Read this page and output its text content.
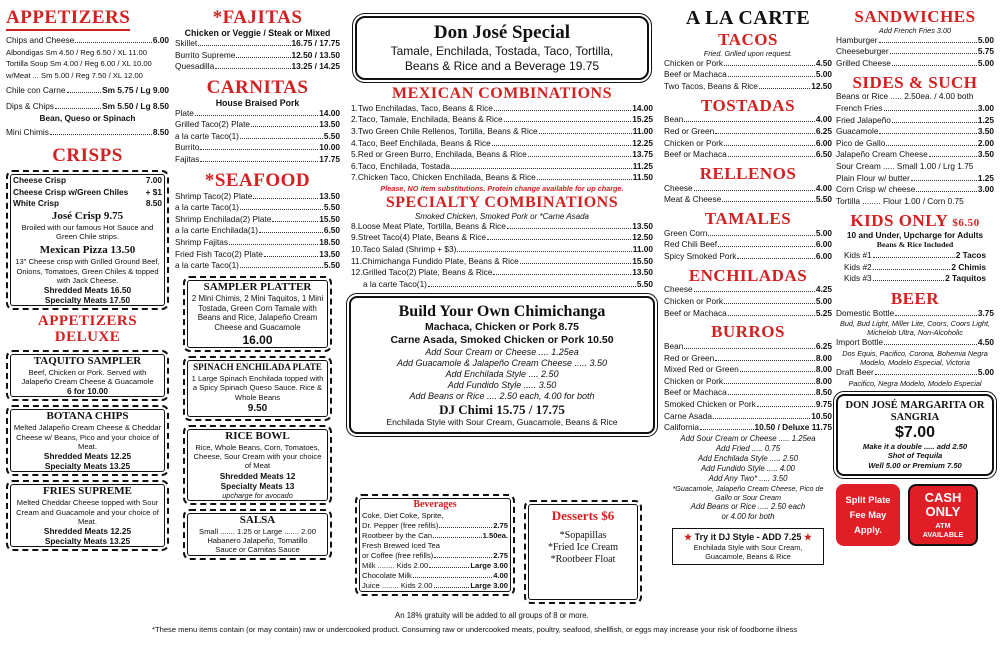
APPETIZERS
Chips and Cheese	6.00
Albondigas Sm 4.50 / Reg 6.50 / XL 11.00
Tortilla Soup Sm 4.00 / Reg 6.00 / XL 10.00
w/Meat ... Sm 5.00 / Reg 7.50 / XL 12.00
Chile con Carne	Sm 5.75 / Lg 9.00
Dips & Chips	Sm 5.50 / Lg 8.50
Bean, Queso or Spinach
Mini Chimis	8.50
CRISPS
Cheese Crisp	7.00
Cheese Crisp w/Green Chiles + $1
White Crisp	8.50
José Crisp 9.75
Broiled with our famous Hot Sauce and Green Chile strips.
Mexican Pizza 13.50
13" Cheese crisp with Grilled Ground Beef, Onions, Tomatoes, Green Chiles & topped with Jack Cheese.
Shredded Meats 16.50
Specialty Meats 17.50
APPETIZERS DELUXE
TAQUITO SAMPLER
Beef, Chicken or Pork. Served with Jalapeño Cream Cheese & Guacamole
6 for 10.00
BOTANA CHIPS
Melted Jalapeño Cream Cheese & Cheddar Cheese w/ Beans, Pico and your choice of Meat.
Shredded Meats 12.25
Specialty Meats 13.25
FRIES SUPREME
Melted Cheddar Cheese topped with Sour Cream and Guacamole and your choice of Meat.
Shredded Meats 12.25
Specialty Meats 13.25
*FAJITAS
Chicken or Veggie / Steak or Mixed
Skillet	16.75 / 17.75
Burrito Supreme	12.50 / 13.50
Quesadilla	13.25 / 14.25
CARNITAS
House Braised Pork
Plate	14.00
Grilled Taco(2) Plate	13.50
a la carte Taco(1)	5.50
Burrito	10.00
Fajitas	17.75
*SEAFOOD
Shrimp Taco(2) Plate	13.50
a la carte Taco(1)	5.50
Shrimp Enchilada(2) Plate	15.50
a la carte Enchilada(1)	6.50
Shrimp Fajitas	18.50
Fried Fish Taco(2) Plate	13.50
a la carte Taco(1)	5.50
SAMPLER PLATTER
2 Mini Chimis, 2 Mini Taquitos, 1 Mini Tostada, Green Corn Tamale with Beans and Rice, Jalapeño Cream Cheese and Guacamole
16.00
SPINACH ENCHILADA PLATE
1 Large Spinach Enchilada topped with a Spicy Spinach Queso Sauce. Rice & Whole Beans
9.50
RICE BOWL
Rice, Whole Beans, Corn, Tomatoes, Cheese, Sour Cream with your choice of Meat
Shredded Meats 12
Specialty Meats 13
upcharge for avocado
SALSA
Small ....... 1.25 or Large ....... 2.00
Habanero Jalapeño, Tomatillo
Sauce or Carnitas Sauce
Don José Special
Tamale, Enchilada, Tostada, Taco, Tortilla,
Beans & Rice and a Beverage 19.75
MEXICAN COMBINATIONS
1.Two Enchiladas, Taco, Beans & Rice	14.00
2.Taco, Tamale, Enchilada, Beans & Rice	15.25
3.Two Green Chile Rellenos, Tortilla, Beans & Rice	11.00
4.Taco, Beef Enchilada, Beans & Rice	12.25
5.Red or Green Burro, Enchilada, Beans & Rice	13.75
6.Taco, Enchilada, Tostada	11.25
7.Chicken Taco, Chicken Enchilada, Beans & Rice	11.50
Please, NO item substitutions. Protein change available for up charge.
SPECIALTY COMBINATIONS
Smoked Chicken, Smoked Pork or *Carne Asada
8.Loose Meat Plate, Tortilla, Beans & Rice	13.50
9.Street Taco(4) Plate, Beans & Rice	12.50
10.Taco Salad (Shrimp + $3)	11.00
11.Chimichanga Fundido Plate, Beans & Rice	15.50
12.Grilled Taco(2) Plate, Beans & Rice	13.50
a la carte Taco(1)	5.50
Build Your Own Chimichanga
Machaca, Chicken or Pork 8.75
Carne Asada, Smoked Chicken or Pork 10.50
Add Sour Cream or Cheese .... 1.25ea
Add Guacamole & Jalapeño Cream Cheese ..... 3.50
Add Enchilada Style .... 2.50
Add Fundido Style ..... 3.50
Add Beans or Rice .... 2.50 each, 4.00 for both
DJ Chimi 15.75 / 17.75
Enchilada Style with Sour Cream, Guacamole, Beans & Rice
Beverages
Coke, Diet Coke, Sprite,
Dr. Pepper (free refills)	2.75
Rootbeer by the Can	1.50ea.
Fresh Brewed Iced Tea
or Coffee (free refills)	2.75
Milk ........ Kids 2.00	Large 3.00
Chocolate Milk	4.00
Juice ........ Kids 2.00	Large 3.00
Desserts $6
*Sopapillas
*Fried Ice Cream
*Rootbeer Float
An 18% gratuity will be added to all groups of 8 or more.
A LA CARTE
TACOS
Fried. Grilled upon request.
Chicken or Pork	4.50
Beef or Machaca	5.00
Two Tacos, Beans & Rice	12.50
TOSTADAS
Bean	4.00
Red or Green	6.25
Chicken or Pork	6.00
Beef or Machaca	6.50
RELLENOS
Cheese	4.00
Meat & Cheese	5.50
TAMALES
Green Corn	5.00
Red Chili Beef	6.00
Spicy Smoked Pork	6.00
ENCHILADAS
Cheese	4.25
Chicken or Pork	5.00
Beef or Machaca	5.25
BURROS
Bean	6.25
Red or Green	8.00
Mixed Red or Green	8.00
Chicken or Pork	8.00
Beef or Machaca	8.50
Smoked Chicken or Pork	9.75
Carne Asada	10.50
California	10.50 / Deluxe 11.75
Add Sour Cream or Cheese ..... 1.25ea
Add Fried ..... 0.75
Add Enchilada Style ..... 2.50
Add Fundido Style ..... 4.00
Add Any Two* ..... 3.50
*Guacamole, Jalapeño Cream Cheese, Pico de Gallo or Sour Cream
Add Beans or Rice ..... 2.50 each
or 4.00 for both
★ Try it DJ Style - ADD 7.25 ★
Enchilada Style with Sour Cream, Guacamole, Beans & Rice
SANDWICHES
Add French Fries 3.00
Hamburger	5.00
Cheeseburger	5.75
Grilled Cheese	5.00
SIDES & SUCH
Beans or Rice ..... 2.50ea. / 4.00 both
French Fries	3.00
Fried Jalapeño	1.25
Guacamole	3.50
Pico de Gallo	2.00
Jalapeño Cream Cheese	3.50
Sour Cream ..... Small 1.00 / Lrg 1.75
Plain Flour w/ butter	1.25
Corn Crisp w/ cheese	3.00
Tortilla ........ Flour 1.00 / Corn 0.75
KIDS ONLY $6.50
10 and Under, Upcharge for Adults
Beans & Rice Included
Kids #1	2 Tacos
Kids #2	2 Chimis
Kids #3	2 Taquitos
BEER
Domestic Bottle	3.75
Bud, Bud Light, Miller Lite, Coors, Coors Light, Michelob Ultra, Non-Alcoholic
Import Bottle	4.50
Dos Equis, Pacifico, Corona, Bohemia Negra Modelo, Modelo Especial, Victoria
Draft Beer	5.00
Pacifico, Negra Modelo, Modelo Especial
DON JOSÉ MARGARITA OR SANGRIA
$7.00
Make it a double ..... add 2.50
Shot of Tequila
Well 5.00 or Premium 7.50
Split Plate
Fee May
Apply.
CASH ONLY
ATM
AVAILABLE
*These menu items contain (or may contain) raw or undercooked product. Consuming raw or undercooked meats, poultry, seafood, shellfish, or eggs may increase your risk of foodborne illness
